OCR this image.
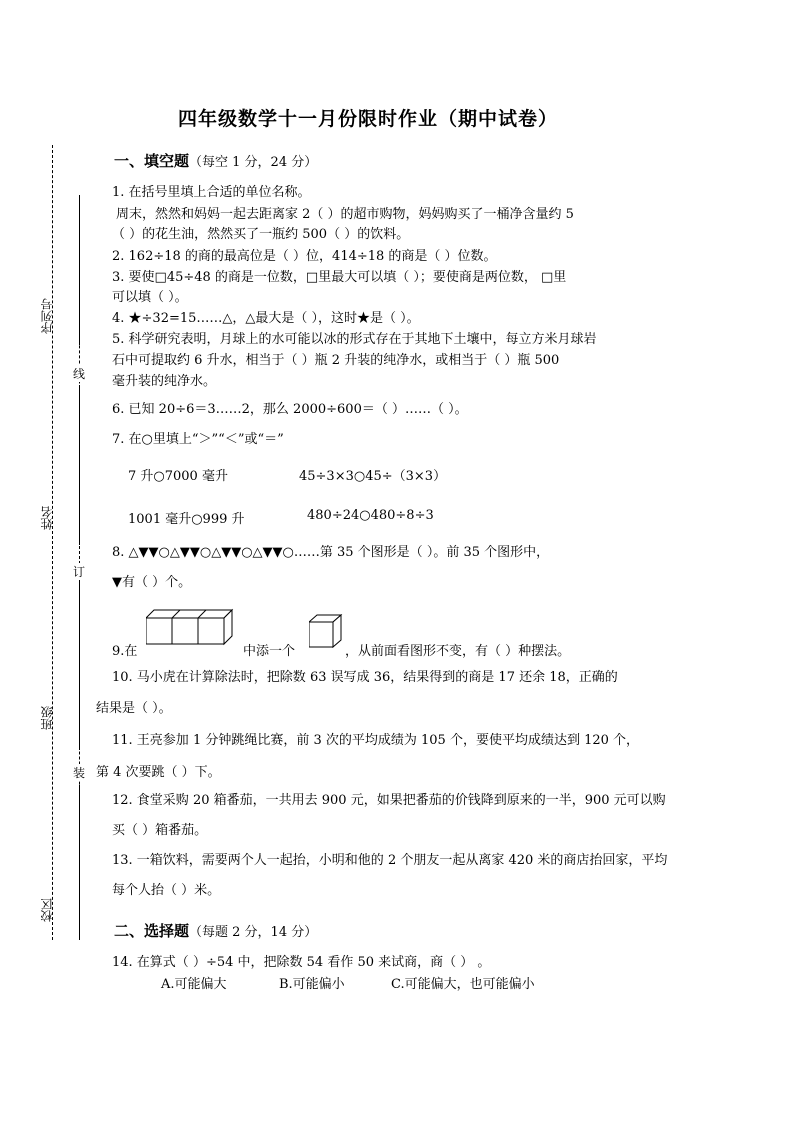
四年级数学十一月份限时作业（期中试卷）
序列号
姓名
班级
校区
线
订
装
一、填空题（每空 1 分，24 分）
1. 在括号里填上合适的单位名称。
周末，然然和妈妈一起去距离家 2（ ）的超市购物，妈妈购买了一桶净含量约 5
（ ）的花生油，然然买了一瓶约 500（ ）的饮料。
2. 162÷18 的商的最高位是（ ）位，414÷18 的商是（ ）位数。
3. 要使□45÷48 的商是一位数，□里最大可以填（ ）；要使商是两位数， □里
可以填（ ）。
4. ★÷32=15……△，△最大是（ ），这时★是（ ）。
5. 科学研究表明，月球上的水可能以冰的形式存在于其地下土壤中，每立方米月球岩
石中可提取约 6 升水，相当于（ ）瓶 2 升装的纯净水，或相当于（ ）瓶 500
毫升装的纯净水。
6. 已知 20÷6＝3……2，那么 2000÷600＝（ ）……（ ）。
7. 在○里填上“＞”“＜”或“＝”
7 升○7000 毫升	45÷3×3○45÷（3×3）
1001 毫升○999 升	480÷24○480÷8÷3
8. △▼▼○△▼▼○△▼▼○△▼▼○……第 35 个图形是（ ）。前 35 个图形中，
▼有（ ）个。
9.在	中添一个	，从前面看图形不变，有（ ）种摆法。
10. 马小虎在计算除法时，把除数 63 误写成 36，结果得到的商是 17 还余 18，正确的
结果是（ ）。
11. 王亮参加 1 分钟跳绳比赛，前 3 次的平均成绩为 105 个，要使平均成绩达到 120 个，
第 4 次要跳（ ）下。
12. 食堂采购 20 箱番茄，一共用去 900 元，如果把番茄的价钱降到原来的一半，900 元可以购
买（ ）箱番茄。
13. 一箱饮料，需要两个人一起抬，小明和他的 2 个朋友一起从离家 420 米的商店抬回家，平均
每个人抬（ ）米。
二、选择题（每题 2 分，14 分）
14. 在算式（ ）÷54 中，把除数 54 看作 50 来试商，商（ ） 。
A.可能偏大	B.可能偏小	C.可能偏大，也可能偏小
